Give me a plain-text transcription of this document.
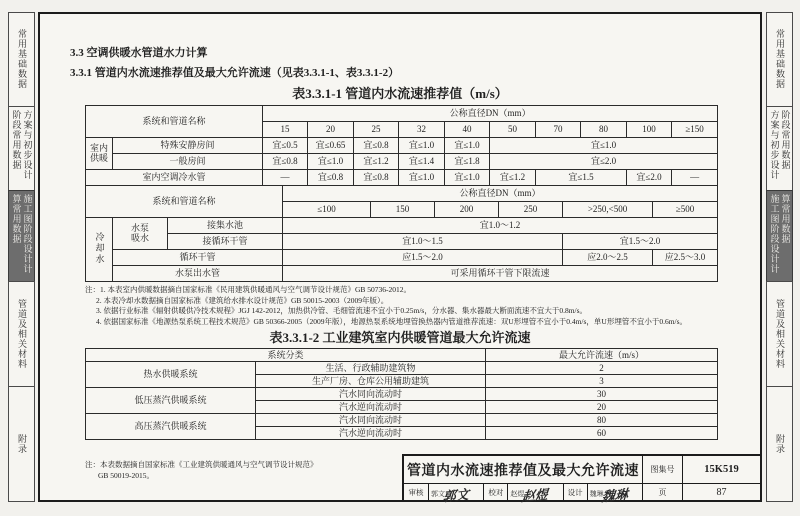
常用基础数据
方案与初步设计阶段常用数据
施工图阶段设计计算常用数据
管道及相关材料
附录
常用基础数据
方案与初步设计阶段常用数据
施工图阶段设计计算常用数据
管道及相关材料
附录
3.3 空调供暖水管道水力计算
3.3.1 管道内水流速推荐值及最大允许流速（见表3.3.1-1、表3.3.1-2）
表3.3.1-1 管道内水流速推荐值（m/s）
系统和管道名称		公称直径DN（mm）									
		15	20	25	32	40	50	70	80	100	≥150
室内供暖	特殊安静房间	宜≤0.5	宜≤0.65	宜≤0.8	宜≤1.0	宜≤1.0	宜≤1.0				
	一般房间	宜≤0.8	宜≤1.0	宜≤1.2	宜≤1.4	宜≤1.8	宜≤2.0				
室内空调冷水管		—	宜≤0.8	宜≤0.8	宜≤1.0	宜≤1.0	宜≤1.2	宜≤1.5		宜≤2.0	—
系统和管道名称			公称直径DN（mm）					
			≤100	150	200	250	>250,<500	≥500
冷却水	水泵吸水	接集水池	宜1.0～1.2					
		接循环干管	宜1.0～1.5				宜1.5～2.0	
	循环干管		应1.5～2.0				应2.0～2.5	应2.5～3.0
	水泵出水管		可采用循环干管下限流速					
注：1. 本表室内供暖数据摘自国家标准《民用建筑供暖通风与空气调节设计规范》GB 50736-2012。
2. 本表冷却水数据摘自国家标准《建筑给水排水设计规范》GB 50015-2003（2009年版）。
3. 依据行业标准《辐射供暖供冷技术规程》JGJ 142-2012，加热供冷管、毛细管流速不宜小于0.25m/s，分水器、集水器最大断面流速不宜大于0.8m/s。
4. 依据国家标准《地源热泵系统工程技术规范》GB 50366-2005（2009年版），地源热泵系统地埋管换热器内管道推荐流速：双U形埋管不宜小于0.4m/s，单U形埋管不宜小于0.6m/s。
表3.3.1-2 工业建筑室内供暖管道最大允许流速
系统分类		最大允许流速（m/s）
热水供暖系统	生活、行政辅助建筑物	2
	生产厂房、仓库公用辅助建筑	3
低压蒸汽供暖系统	汽水同向流动时	30
	汽水逆向流动时	20
高压蒸汽供暖系统	汽水同向流动时	80
	汽水逆向流动时	60
注：本表数据摘自国家标准《工业建筑供暖通风与空气调节设计规范》
GB 50019-2015。	管道内水流速推荐值及最大允许流速	图集号	15K519
审核	郭文
郭文	校对	赵煜
赵煜	设计	魏琳
魏琳	页	87
